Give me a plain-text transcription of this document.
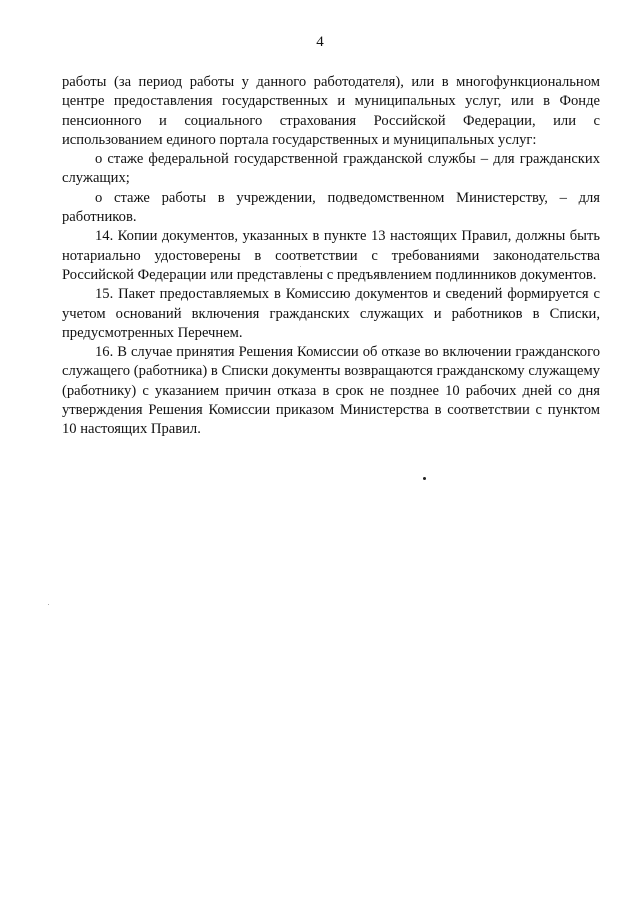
4

работы (за период работы у данного работодателя), или в многофункциональном центре предоставления государственных и муниципальных услуг, или в Фонде пенсионного и социального страхования Российской Федерации, или с использованием единого портала государственных и муниципальных услуг:

о стаже федеральной государственной гражданской службы – для гражданских служащих;

о стаже работы в учреждении, подведомственном Министерству, – для работников.

14. Копии документов, указанных в пункте 13 настоящих Правил, должны быть нотариально удостоверены в соответствии с требованиями законодательства Российской Федерации или представлены с предъявлением подлинников документов.

15. Пакет предоставляемых в Комиссию документов и сведений формируется с учетом оснований включения гражданских служащих и работников в Списки, предусмотренных Перечнем.

16. В случае принятия Решения Комиссии об отказе во включении гражданского служащего (работника) в Списки документы возвращаются гражданскому служащему (работнику) с указанием причин отказа в срок не позднее 10 рабочих дней со дня утверждения Решения Комиссии приказом Министерства в соответствии с пунктом 10 настоящих Правил.
